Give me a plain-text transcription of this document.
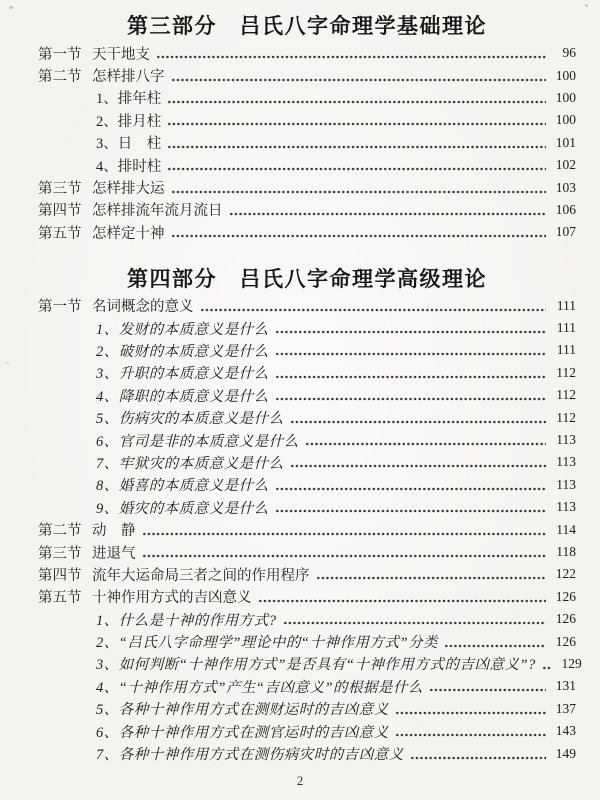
第三部分　吕氏八字命理学基础理论
第一节 天干地支	96
第二节 怎样排八字	100
1、排年柱	100
2、排月柱	100
3、日　柱	101
4、排时柱	102
第三节 怎样排大运	103
第四节 怎样排流年流月流日	106
第五节 怎样定十神	107
第四部分　吕氏八字命理学高级理论
第一节 名词概念的意义	111
1、发财的本质意义是什么	111
2、破财的本质意义是什么	111
3、升职的本质意义是什么	112
4、降职的本质意义是什么	112
5、伤病灾的本质意义是什么	112
6、官司是非的本质意义是什么	113
7、牢狱灾的本质意义是什么	113
8、婚喜的本质意义是什么	113
9、婚灾的本质意义是什么	113
第二节 动　静	114
第三节 进退气	118
第四节 流年大运命局三者之间的作用程序	122
第五节 十神作用方式的吉凶意义	126
1、什么是十神的作用方式?	126
2、“吕氏八字命理学”理论中的“十神作用方式”分类	126
3、如何判断“十神作用方式”是否具有“十神作用方式的吉凶意义”?	129
4、“十神作用方式”产生“吉凶意义”的根据是什么	131
5、各种十神作用方式在测财运时的吉凶意义	137
6、各种十神作用方式在测官运时的吉凶意义	143
7、各种十神作用方式在测伤病灾时的吉凶意义	149
2
